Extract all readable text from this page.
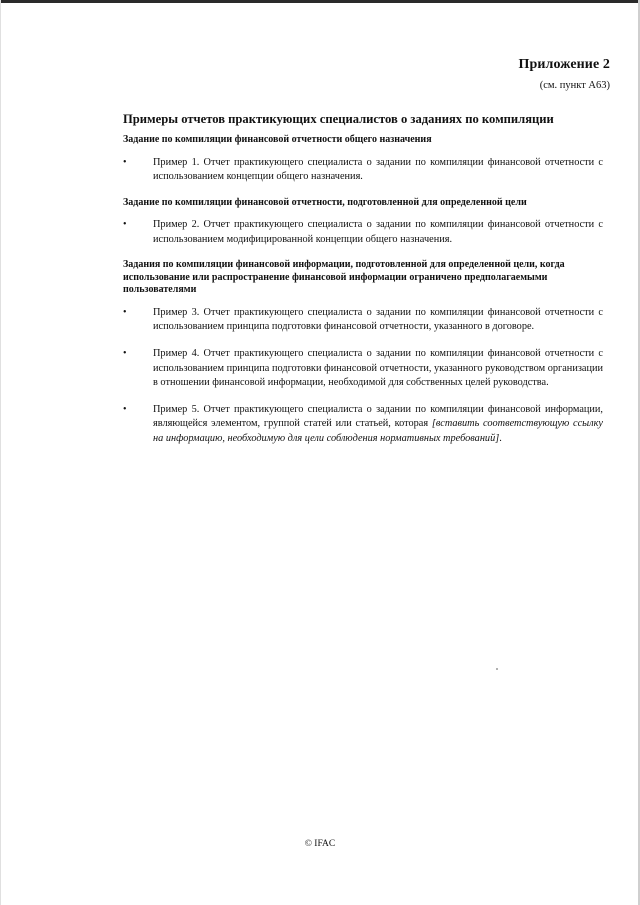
Приложение 2
(см. пункт А63)
Примеры отчетов практикующих специалистов о заданиях по компиляции
Задание по компиляции финансовой отчетности общего назначения
•	Пример 1. Отчет практикующего специалиста о задании по компиляции финансовой отчетности с использованием концепции общего назначения.
Задание по компиляции финансовой отчетности, подготовленной для определенной цели
•	Пример 2. Отчет практикующего специалиста о задании по компиляции финансовой отчетности с использованием модифицированной концепции общего назначения.
Задания по компиляции финансовой информации, подготовленной для определенной цели, когда использование или распространение финансовой информации ограничено предполагаемыми пользователями
•	Пример 3. Отчет практикующего специалиста о задании по компиляции финансовой отчетности с использованием принципа подготовки финансовой отчетности, указанного в договоре.
•	Пример 4. Отчет практикующего специалиста о задании по компиляции финансовой отчетности с использованием принципа подготовки финансовой отчетности, указанного руководством организации в отношении финансовой информации, необходимой для собственных целей руководства.
•	Пример 5. Отчет практикующего специалиста о задании по компиляции финансовой информации, являющейся элементом, группой статей или статьей, которая [вставить соответствующую ссылку на информацию, необходимую для цели соблюдения нормативных требований].
© IFAC
